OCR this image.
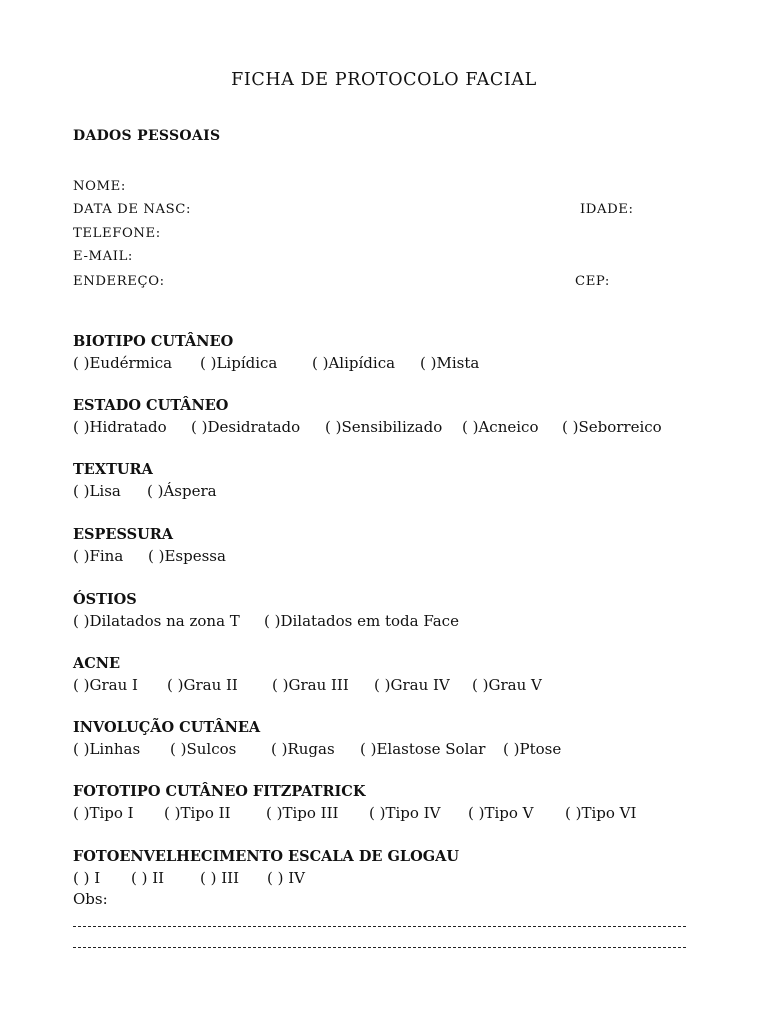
FICHA DE PROTOCOLO FACIAL
DADOS PESSOAIS
NOME:
DATA DE NASC:	IDADE:
TELEFONE:
E-MAIL:
ENDEREÇO:	CEP:
BIOTIPO CUTÂNEO
( )Eudérmica ( )Lipídica ( )Alipídica ( )Mista
ESTADO CUTÂNEO
( )Hidratado ( )Desidratado ( )Sensibilizado ( )Acneico ( )Seborreico
TEXTURA
( )Lisa ( )Áspera
ESPESSURA
( )Fina ( )Espessa
ÓSTIOS
( )Dilatados na zona T ( )Dilatados em toda Face
ACNE
( )Grau I ( )Grau II ( )Grau III ( )Grau IV ( )Grau V
INVOLUÇÃO CUTÂNEA
( )Linhas ( )Sulcos ( )Rugas ( )Elastose Solar ( )Ptose
FOTOTIPO CUTÂNEO FITZPATRICK
( )Tipo I ( )Tipo II ( )Tipo III ( )Tipo IV ( )Tipo V ( )Tipo VI
FOTOENVELHECIMENTO ESCALA DE GLOGAU
( ) I ( ) II ( ) III ( ) IV
Obs:
